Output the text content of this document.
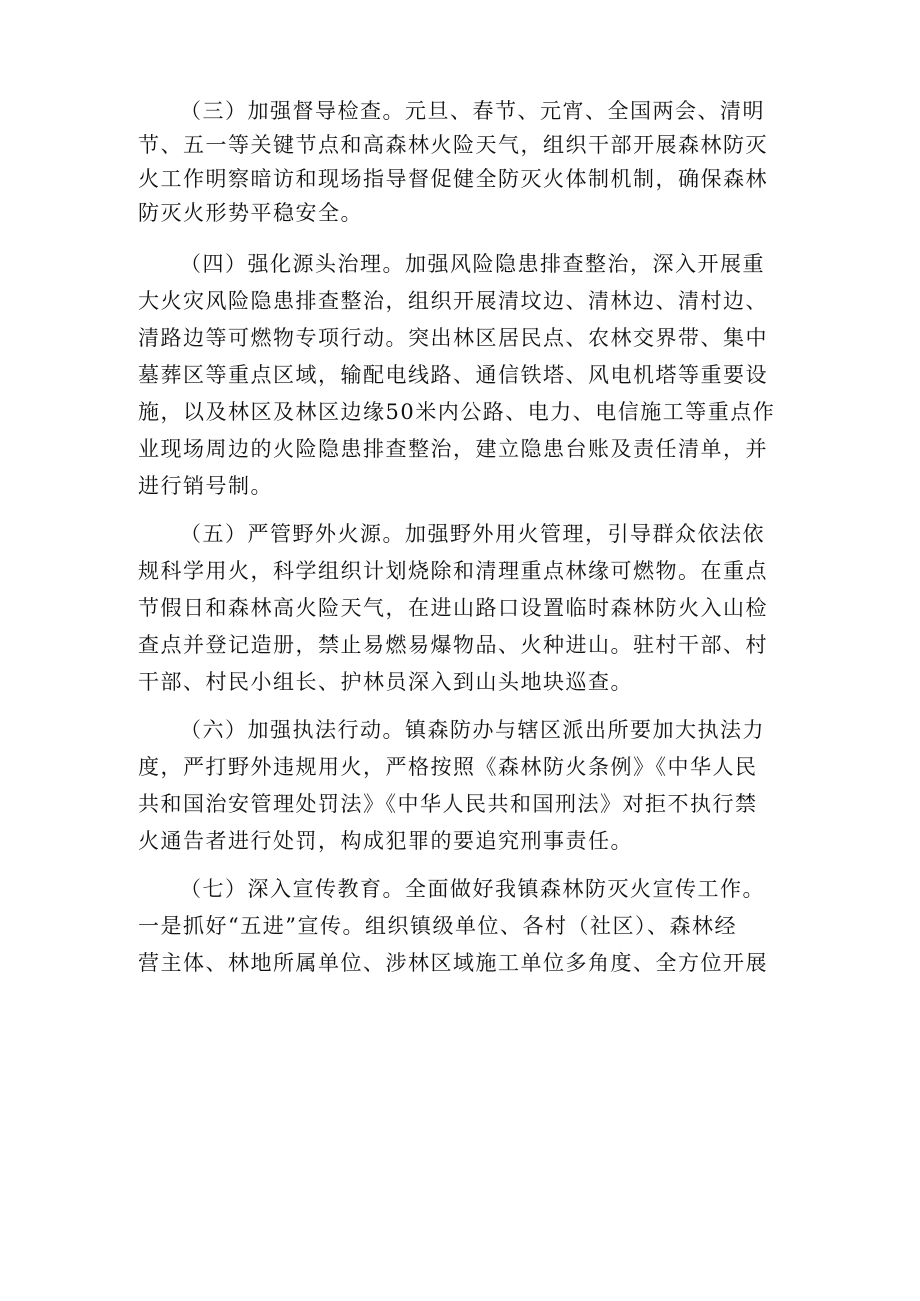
（三）加强督导检查。元旦、春节、元宵、全国两会、清明
节、五一等关键节点和高森林火险天气，组织干部开展森林防灭
火工作明察暗访和现场指导督促健全防灭火体制机制，确保森林
防灭火形势平稳安全。

（四）强化源头治理。加强风险隐患排查整治，深入开展重
大火灾风险隐患排查整治，组织开展清坟边、清林边、清村边、
清路边等可燃物专项行动。突出林区居民点、农林交界带、集中
墓葬区等重点区域，输配电线路、通信铁塔、风电机塔等重要设
施，以及林区及林区边缘50米内公路、电力、电信施工等重点作
业现场周边的火险隐患排查整治，建立隐患台账及责任清单，并
进行销号制。

（五）严管野外火源。加强野外用火管理，引导群众依法依
规科学用火，科学组织计划烧除和清理重点林缘可燃物。在重点
节假日和森林高火险天气，在进山路口设置临时森林防火入山检
查点并登记造册，禁止易燃易爆物品、火种进山。驻村干部、村
干部、村民小组长、护林员深入到山头地块巡查。

（六）加强执法行动。镇森防办与辖区派出所要加大执法力
度，严打野外违规用火，严格按照《森林防火条例》《中华人民
共和国治安管理处罚法》《中华人民共和国刑法》对拒不执行禁
火通告者进行处罚，构成犯罪的要追究刑事责任。

（七）深入宣传教育。全面做好我镇森林防灭火宣传工作。
一是抓好“五进”宣传。组织镇级单位、各村（社区）、森林经
营主体、林地所属单位、涉林区域施工单位多角度、全方位开展
